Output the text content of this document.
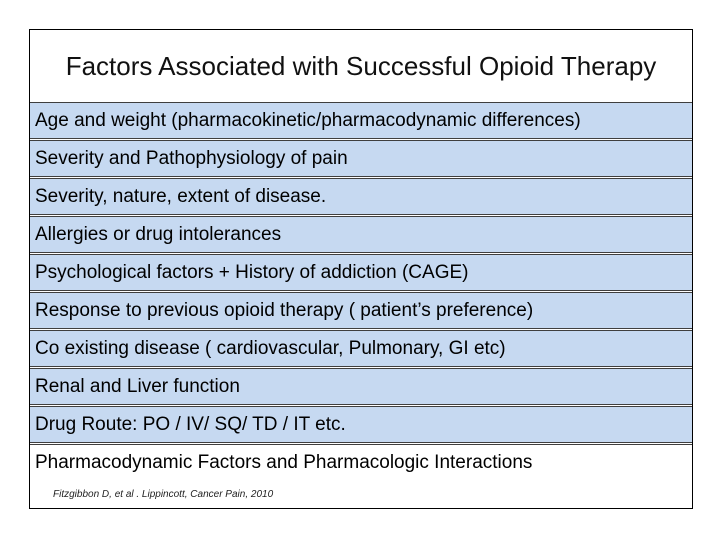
Factors Associated with Successful Opioid Therapy
Age and weight (pharmacokinetic/pharmacodynamic differences)
Severity and Pathophysiology of pain
Severity, nature, extent of disease.
Allergies or drug intolerances
Psychological factors + History of addiction (CAGE)
Response to previous opioid therapy ( patient’s preference)
Co existing disease ( cardiovascular, Pulmonary, GI etc)
Renal and Liver function
Drug Route: PO / IV/ SQ/ TD / IT etc.
Pharmacodynamic Factors and Pharmacologic Interactions
Fitzgibbon D, et al . Lippincott, Cancer Pain, 2010
